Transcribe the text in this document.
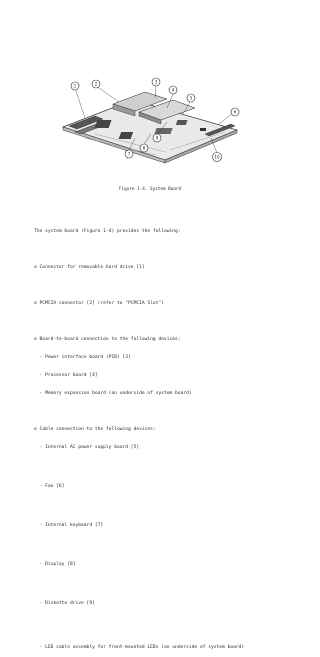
1	2	3
4
5
6
7
8
9
10
Figure 1-4. System Board

The system board (Figure 1-4) provides the following:

o Connector for removable hard drive [1]

o PCMCIA connector [2] (refer to "PCMCIA Slot")

o Board-to-board connection to the following devices:

- Power interface board (PIB) [3]

- Processor board [4]

- Memory expansion board (on underside of system board)

o Cable connection to the following devices:

- Internal AC power supply board [5]

- Fan [6]

- Internal keyboard [7]

- Display [8]

- Diskette drive [9]

- LED cable assembly for front-mounted LEDs (on underside of system board)
